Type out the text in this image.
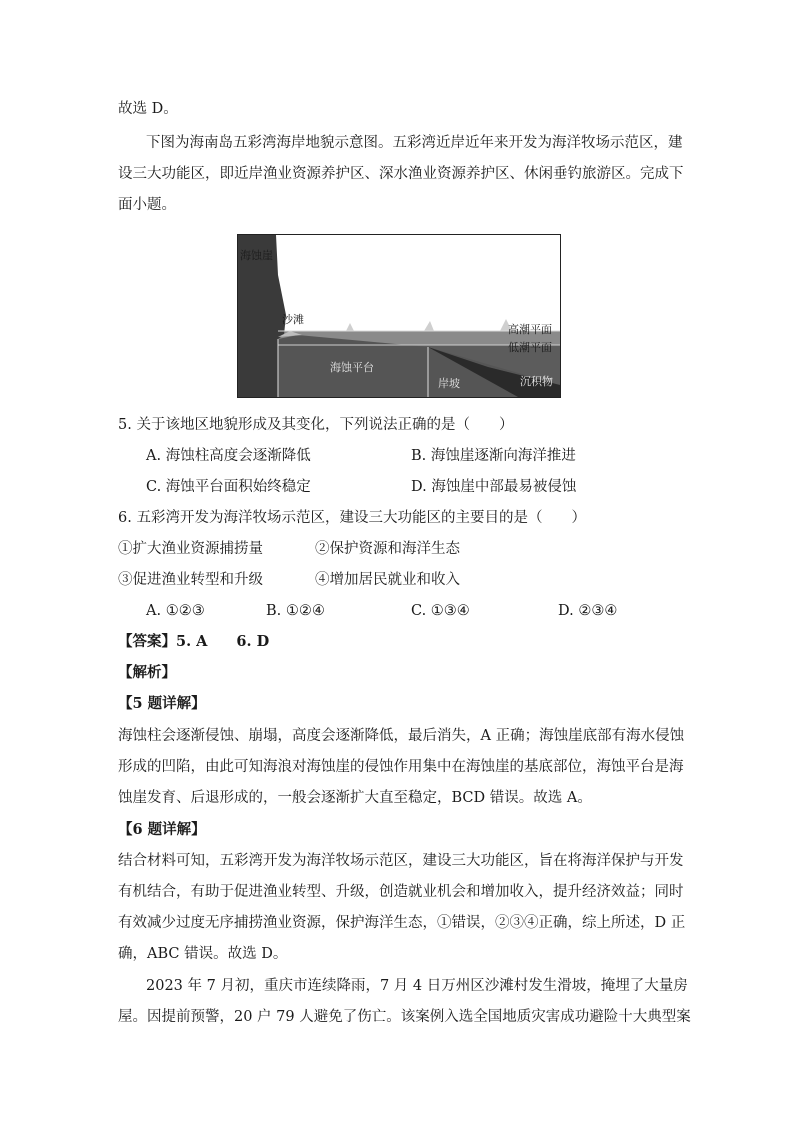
故选 D。
下图为海南岛五彩湾海岸地貌示意图。五彩湾近岸近年来开发为海洋牧场示范区，建
设三大功能区，即近岸渔业资源养护区、深水渔业资源养护区、休闲垂钓旅游区。完成下
面小题。
海蚀崖
沙滩
高潮平面
低潮平面
海蚀平台
岸坡	沉积物
5. 关于该地区地貌形成及其变化，下列说法正确的是（　　）
A. 海蚀柱高度会逐渐降低	B. 海蚀崖逐渐向海洋推进
C. 海蚀平台面积始终稳定	D. 海蚀崖中部最易被侵蚀
6. 五彩湾开发为海洋牧场示范区，建设三大功能区的主要目的是（　　）
①扩大渔业资源捕捞量	②保护资源和海洋生态
③促进渔业转型和升级	④增加居民就业和收入
A. ①②③	B. ①②④	C. ①③④	D. ②③④
【答案】5. A　　6. D
【解析】
【5 题详解】
海蚀柱会逐渐侵蚀、崩塌，高度会逐渐降低，最后消失，A 正确；海蚀崖底部有海水侵蚀
形成的凹陷，由此可知海浪对海蚀崖的侵蚀作用集中在海蚀崖的基底部位，海蚀平台是海
蚀崖发育、后退形成的，一般会逐渐扩大直至稳定，BCD 错误。故选 A。
【6 题详解】
结合材料可知，五彩湾开发为海洋牧场示范区，建设三大功能区，旨在将海洋保护与开发
有机结合，有助于促进渔业转型、升级，创造就业机会和增加收入，提升经济效益；同时
有效减少过度无序捕捞渔业资源，保护海洋生态，①错误，②③④正确，综上所述，D 正
确，ABC 错误。故选 D。
2023 年 7 月初，重庆市连续降雨，7 月 4 日万州区沙滩村发生滑坡，掩埋了大量房
屋。因提前预警，20 户 79 人避免了伤亡。该案例入选全国地质灾害成功避险十大典型案
